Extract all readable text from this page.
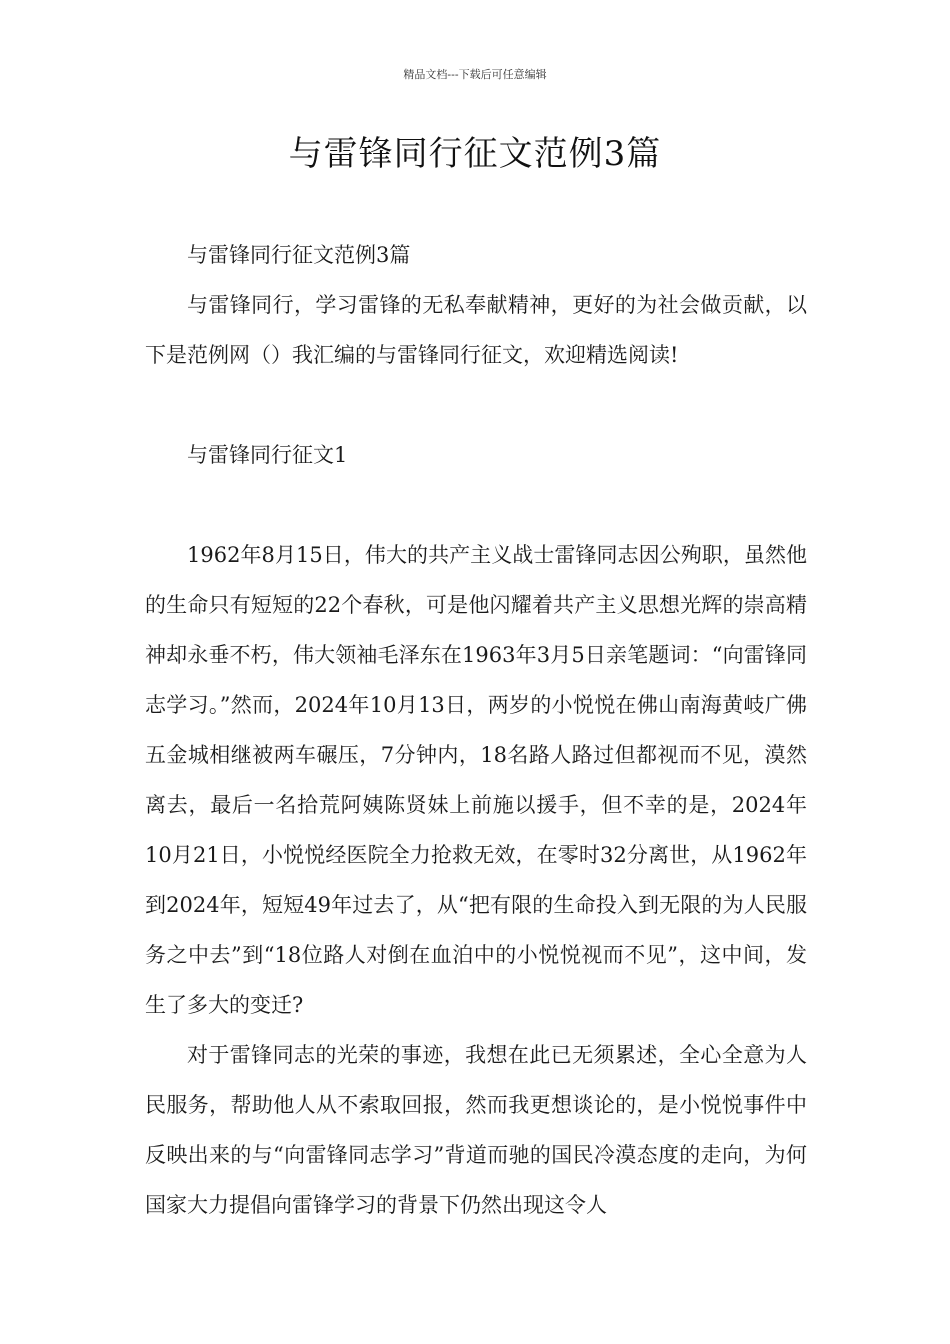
精品文档---下载后可任意编辑
与雷锋同行征文范例3篇

与雷锋同行征文范例3篇

与雷锋同行，学习雷锋的无私奉献精神，更好的为社会做贡献，以下是范例网（）我汇编的与雷锋同行征文，欢迎精选阅读!

与雷锋同行征文1

1962年8月15日，伟大的共产主义战士雷锋同志因公殉职，虽然他的生命只有短短的22个春秋，可是他闪耀着共产主义思想光辉的崇高精神却永垂不朽，伟大领袖毛泽东在1963年3月5日亲笔题词：“向雷锋同志学习。”然而，2024年10月13日，两岁的小悦悦在佛山南海黄岐广佛五金城相继被两车碾压，7分钟内，18名路人路过但都视而不见，漠然离去，最后一名拾荒阿姨陈贤妹上前施以援手，但不幸的是，2024年10月21日，小悦悦经医院全力抢救无效，在零时32分离世，从1962年到2024年，短短49年过去了，从“把有限的生命投入到无限的为人民服务之中去”到“18位路人对倒在血泊中的小悦悦视而不见”，这中间，发生了多大的变迁?

对于雷锋同志的光荣的事迹，我想在此已无须累述，全心全意为人民服务，帮助他人从不索取回报，然而我更想谈论的，是小悦悦事件中反映出来的与“向雷锋同志学习”背道而驰的国民冷漠态度的走向，为何国家大力提倡向雷锋学习的背景下仍然出现这令人
